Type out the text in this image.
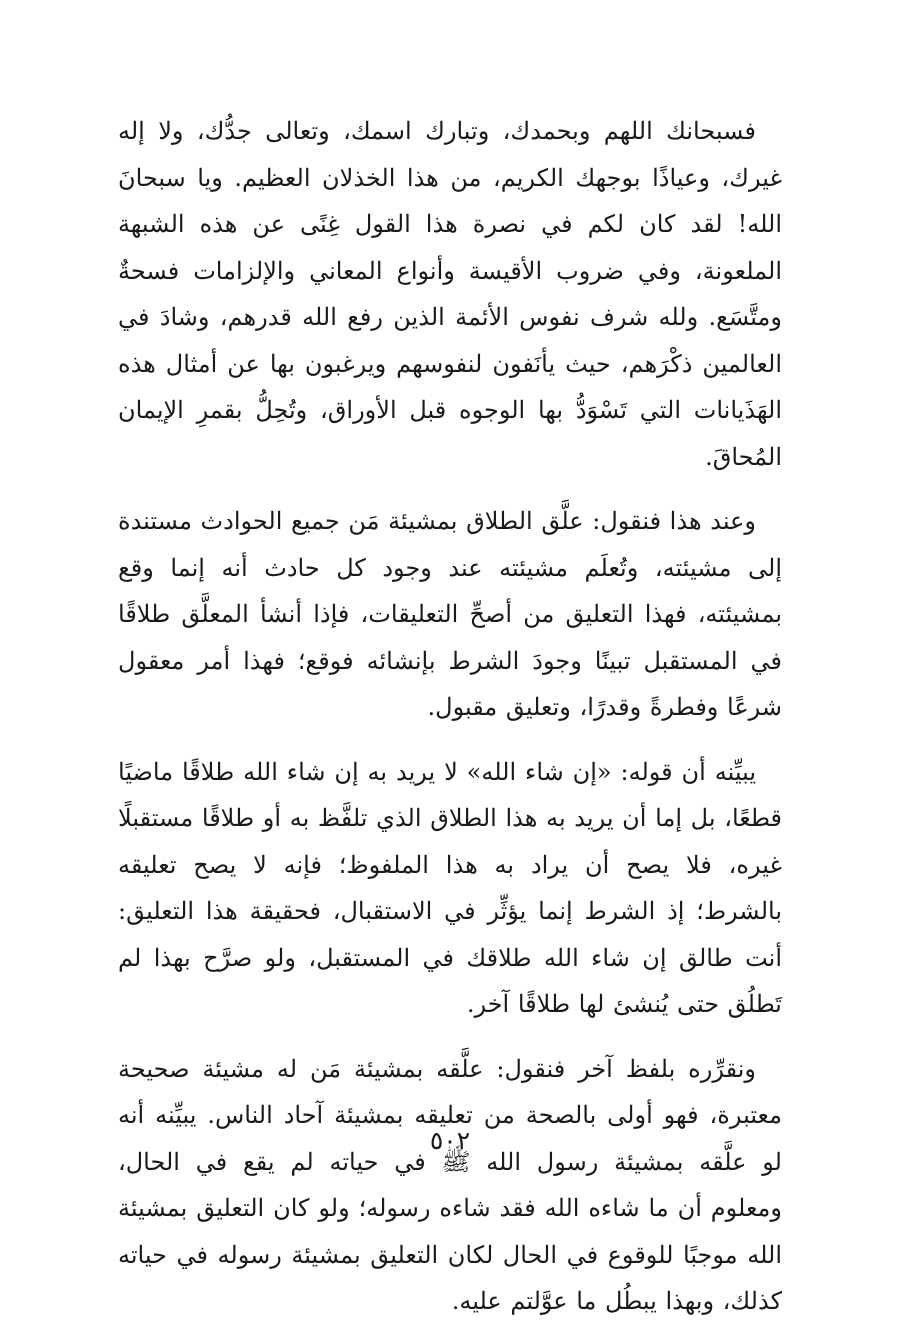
فسبحانك اللهم وبحمدك، وتبارك اسمك، وتعالى جدُّك، ولا إله غيرك، وعياذًا بوجهك الكريم، من هذا الخذلان العظيم. ويا سبحانَ الله! لقد كان لكم في نصرة هذا القول غِنًى عن هذه الشبهة الملعونة، وفي ضروب الأقيسة وأنواع المعاني والإلزامات فسحةٌ ومتَّسَع. ولله شرف نفوس الأئمة الذين رفع الله قدرهم، وشادَ في العالمين ذكْرَهم، حيث يأنَفون لنفوسهم ويرغبون بها عن أمثال هذه الهَذَيانات التي تَسْوَدُّ بها الوجوه قبل الأوراق، وتُحِلُّ بقمرِ الإيمان المُحاقَ.

وعند هذا فنقول: علَّق الطلاق بمشيئة مَن جميع الحوادث مستندة إلى مشيئته، وتُعلَم مشيئته عند وجود كل حادث أنه إنما وقع بمشيئته، فهذا التعليق من أصحِّ التعليقات، فإذا أنشأ المعلَّق طلاقًا في المستقبل تبينًا وجودَ الشرط بإنشائه فوقع؛ فهذا أمر معقول شرعًا وفطرةً وقدرًا، وتعليق مقبول.

يبيِّنه أن قوله: «إن شاء الله» لا يريد به إن شاء الله طلاقًا ماضيًا قطعًا، بل إما أن يريد به هذا الطلاق الذي تلفَّظ به أو طلاقًا مستقبلًا غيره، فلا يصح أن يراد به هذا الملفوظ؛ فإنه لا يصح تعليقه بالشرط؛ إذ الشرط إنما يؤثِّر في الاستقبال، فحقيقة هذا التعليق: أنت طالق إن شاء الله طلاقك في المستقبل، ولو صرَّح بهذا لم تَطلُق حتى يُنشئ لها طلاقًا آخر.

ونقرِّره بلفظ آخر فنقول: علَّقه بمشيئة مَن له مشيئة صحيحة معتبرة، فهو أولى بالصحة من تعليقه بمشيئة آحاد الناس. يبيِّنه أنه لو علَّقه بمشيئة رسول الله ﷺ في حياته لم يقع في الحال، ومعلوم أن ما شاءه الله فقد شاءه رسوله؛ ولو كان التعليق بمشيئة الله موجبًا للوقوع في الحال لكان التعليق بمشيئة رسوله في حياته كذلك، وبهذا يبطُل ما عوَّلتم عليه.

٥٠٢
